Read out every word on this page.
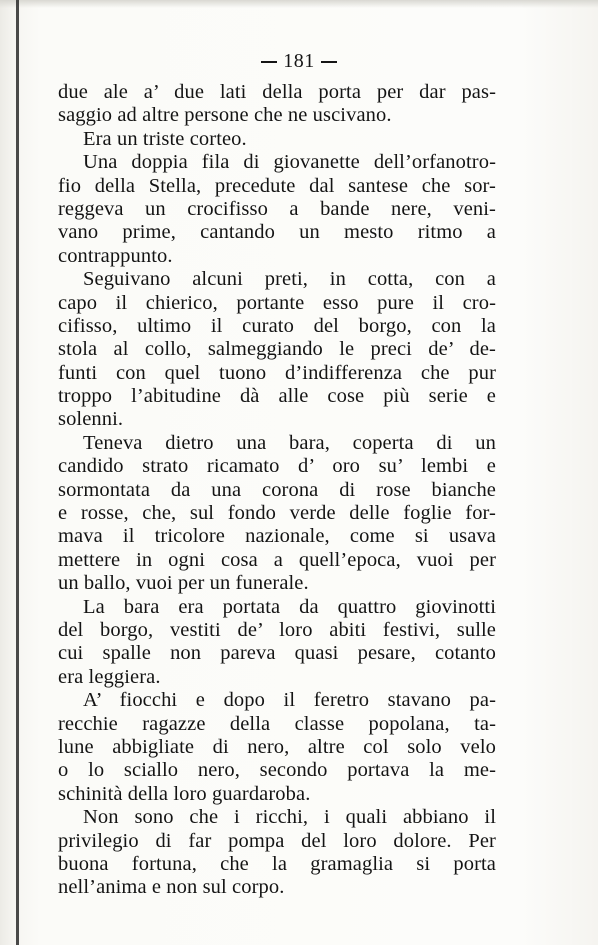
181
due ale a’ due lati della porta per dar pas-
saggio ad altre persone che ne uscivano.
Era un triste corteo.
Una doppia fila di giovanette dell’orfanotro-
fio della Stella, precedute dal santese che sor-
reggeva un crocifisso a bande nere, veni-
vano prime, cantando un mesto ritmo a
contrappunto.
Seguivano alcuni preti, in cotta, con a
capo il chierico, portante esso pure il cro-
cifisso, ultimo il curato del borgo, con la
stola al collo, salmeggiando le preci de’ de-
funti con quel tuono d’indifferenza che pur
troppo l’abitudine dà alle cose più serie e
solenni.
Teneva dietro una bara, coperta di un
candido strato ricamato d’ oro su’ lembi e
sormontata da una corona di rose bianche
e rosse, che, sul fondo verde delle foglie for-
mava il tricolore nazionale, come si usava
mettere in ogni cosa a quell’epoca, vuoi per
un ballo, vuoi per un funerale.
La bara era portata da quattro giovinotti
del borgo, vestiti de’ loro abiti festivi, sulle
cui spalle non pareva quasi pesare, cotanto
era leggiera.
A’ fiocchi e dopo il feretro stavano pa-
recchie ragazze della classe popolana, ta-
lune abbigliate di nero, altre col solo velo
o lo sciallo nero, secondo portava la me-
schinità della loro guardaroba.
Non sono che i ricchi, i quali abbiano il
privilegio di far pompa del loro dolore. Per
buona fortuna, che la gramaglia si porta
nell’anima e non sul corpo.
